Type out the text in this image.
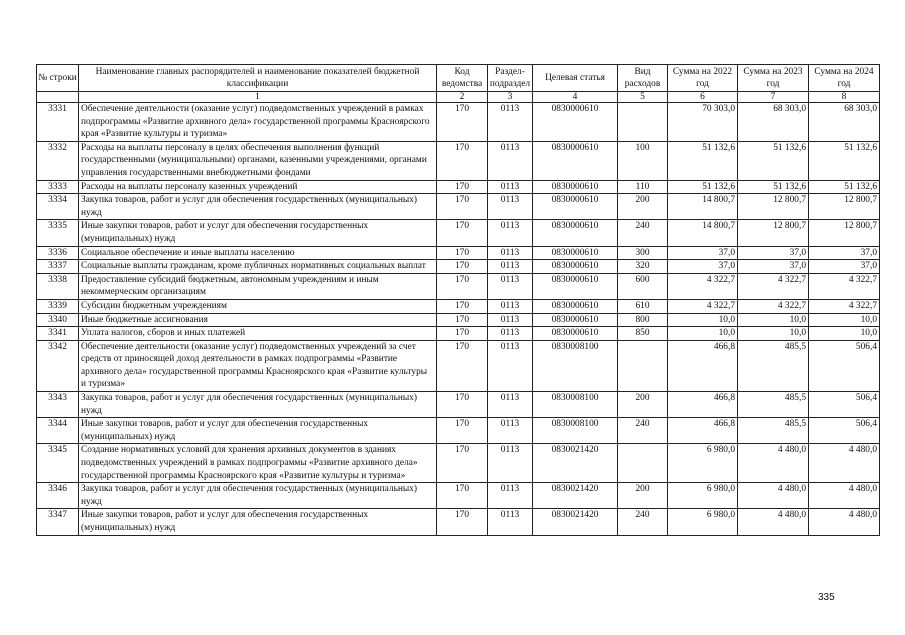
№ строки	Наименование главных распорядителей и наименование показателей бюджетной классификации	Код ведомства	Раздел-подраздел	Целевая статья	Вид расходов	Сумма на 2022 год	Сумма на 2023 год	Сумма на 2024 год
	1	2	3	4	5	6	7	8
3331	Обеспечение деятельности (оказание услуг) подведомственных учреждений в рамках подпрограммы «Развитие архивного дела» государственной программы Красноярского края «Развитие культуры и туризма»	170	0113	0830000610		70 303,0	68 303,0	68 303,0
3332	Расходы на выплаты персоналу в целях обеспечения выполнения функций государственными (муниципальными) органами, казенными учреждениями, органами управления государственными внебюджетными фондами	170	0113	0830000610	100	51 132,6	51 132,6	51 132,6
3333	Расходы на выплаты персоналу казенных учреждений	170	0113	0830000610	110	51 132,6	51 132,6	51 132,6
3334	Закупка товаров, работ и услуг для обеспечения государственных (муниципальных) нужд	170	0113	0830000610	200	14 800,7	12 800,7	12 800,7
3335	Иные закупки товаров, работ и услуг для обеспечения государственных (муниципальных) нужд	170	0113	0830000610	240	14 800,7	12 800,7	12 800,7
3336	Социальное обеспечение и иные выплаты населению	170	0113	0830000610	300	37,0	37,0	37,0
3337	Социальные выплаты гражданам, кроме публичных нормативных социальных выплат	170	0113	0830000610	320	37,0	37,0	37,0
3338	Предоставление субсидий бюджетным, автономным учреждениям и иным некоммерческим организациям	170	0113	0830000610	600	4 322,7	4 322,7	4 322,7
3339	Субсидии бюджетным учреждениям	170	0113	0830000610	610	4 322,7	4 322,7	4 322,7
3340	Иные бюджетные ассигнования	170	0113	0830000610	800	10,0	10,0	10,0
3341	Уплата налогов, сборов и иных платежей	170	0113	0830000610	850	10,0	10,0	10,0
3342	Обеспечение деятельности (оказание услуг) подведомственных учреждений за счет средств от приносящей доход деятельности в рамках подпрограммы «Развитие архивного дела» государственной программы Красноярского края «Развитие культуры и туризма»	170	0113	0830008100		466,8	485,5	506,4
3343	Закупка товаров, работ и услуг для обеспечения государственных (муниципальных) нужд	170	0113	0830008100	200	466,8	485,5	506,4
3344	Иные закупки товаров, работ и услуг для обеспечения государственных (муниципальных) нужд	170	0113	0830008100	240	466,8	485,5	506,4
3345	Создание нормативных условий для хранения архивных документов в зданиях подведомственных учреждений в рамках подпрограммы «Развитие архивного дела» государственной программы Красноярского края «Развитие культуры и туризма»	170	0113	0830021420		6 980,0	4 480,0	4 480,0
3346	Закупка товаров, работ и услуг для обеспечения государственных (муниципальных) нужд	170	0113	0830021420	200	6 980,0	4 480,0	4 480,0
3347	Иные закупки товаров, работ и услуг для обеспечения государственных (муниципальных) нужд	170	0113	0830021420	240	6 980,0	4 480,0	4 480,0
335
